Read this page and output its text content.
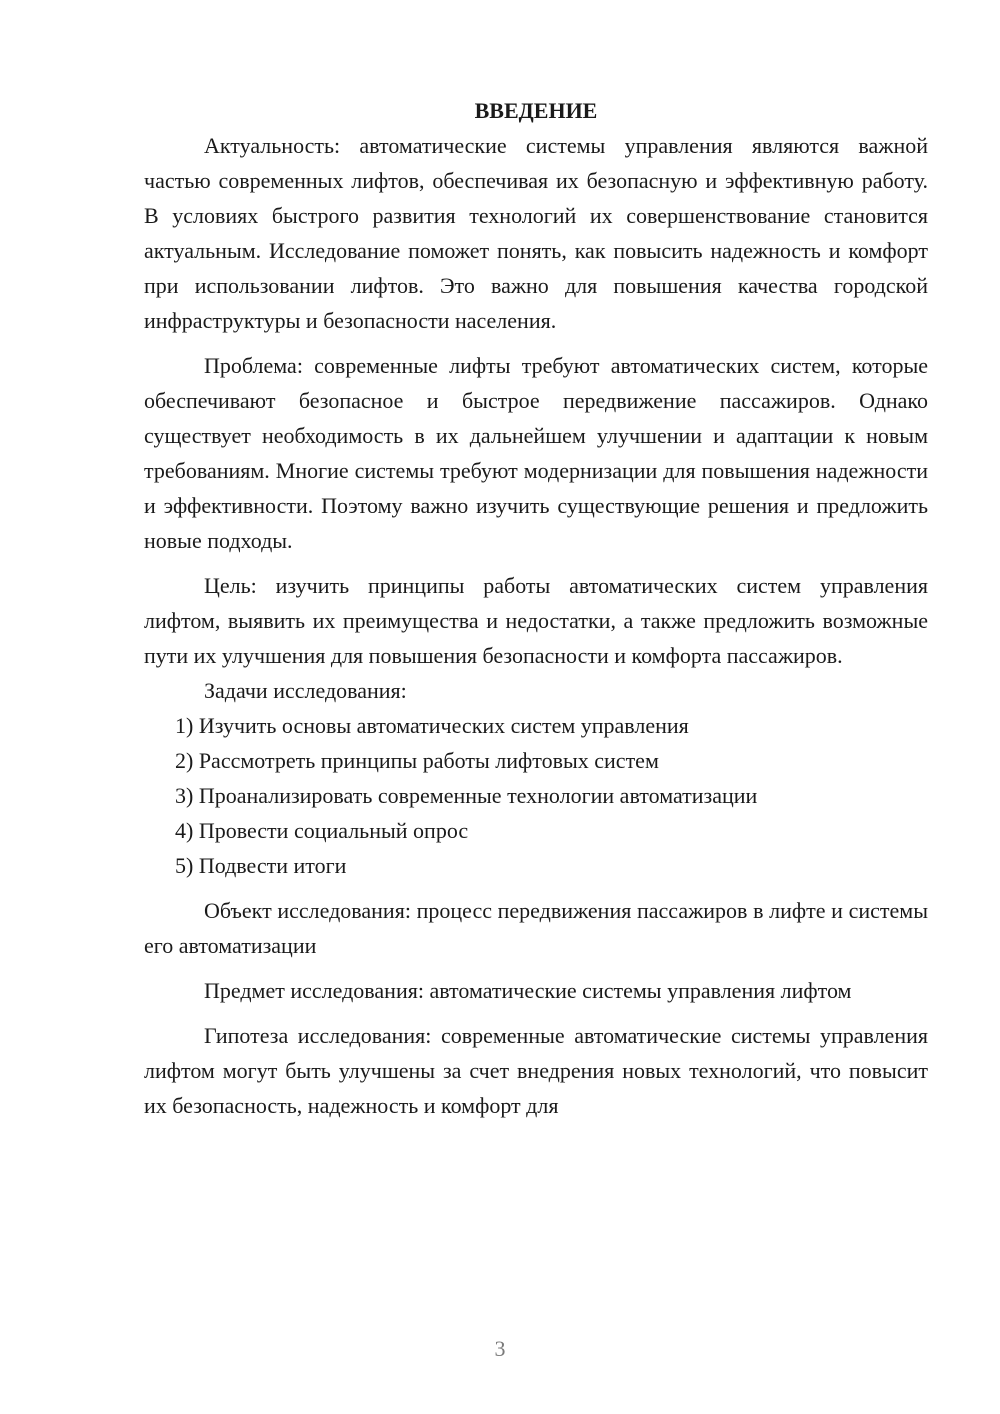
ВВЕДЕНИЕ

Актуальность: автоматические системы управления являются важной частью современных лифтов, обеспечивая их безопасную и эффективную работу. В условиях быстрого развития технологий их совершенствование становится актуальным. Исследование поможет понять, как повысить надежность и комфорт при использовании лифтов. Это важно для повышения качества городской инфраструктуры и безопасности населения.

Проблема: современные лифты требуют автоматических систем, которые обеспечивают безопасное и быстрое передвижение пассажиров. Однако существует необходимость в их дальнейшем улучшении и адаптации к новым требованиям. Многие системы требуют модернизации для повышения надежности и эффективности. Поэтому важно изучить существующие решения и предложить новые подходы.

Цель: изучить принципы работы автоматических систем управления лифтом, выявить их преимущества и недостатки, а также предложить возможные пути их улучшения для повышения безопасности и комфорта пассажиров.

Задачи исследования:

1) Изучить основы автоматических систем управления

2) Рассмотреть принципы работы лифтовых систем

3) Проанализировать современные технологии автоматизации

4) Провести социальный опрос

5) Подвести итоги

Объект исследования: процесс передвижения пассажиров в лифте и системы его автоматизации

Предмет исследования: автоматические системы управления лифтом

Гипотеза исследования: современные автоматические системы управления лифтом могут быть улучшены за счет внедрения новых технологий, что повысит их безопасность, надежность и комфорт для

3
